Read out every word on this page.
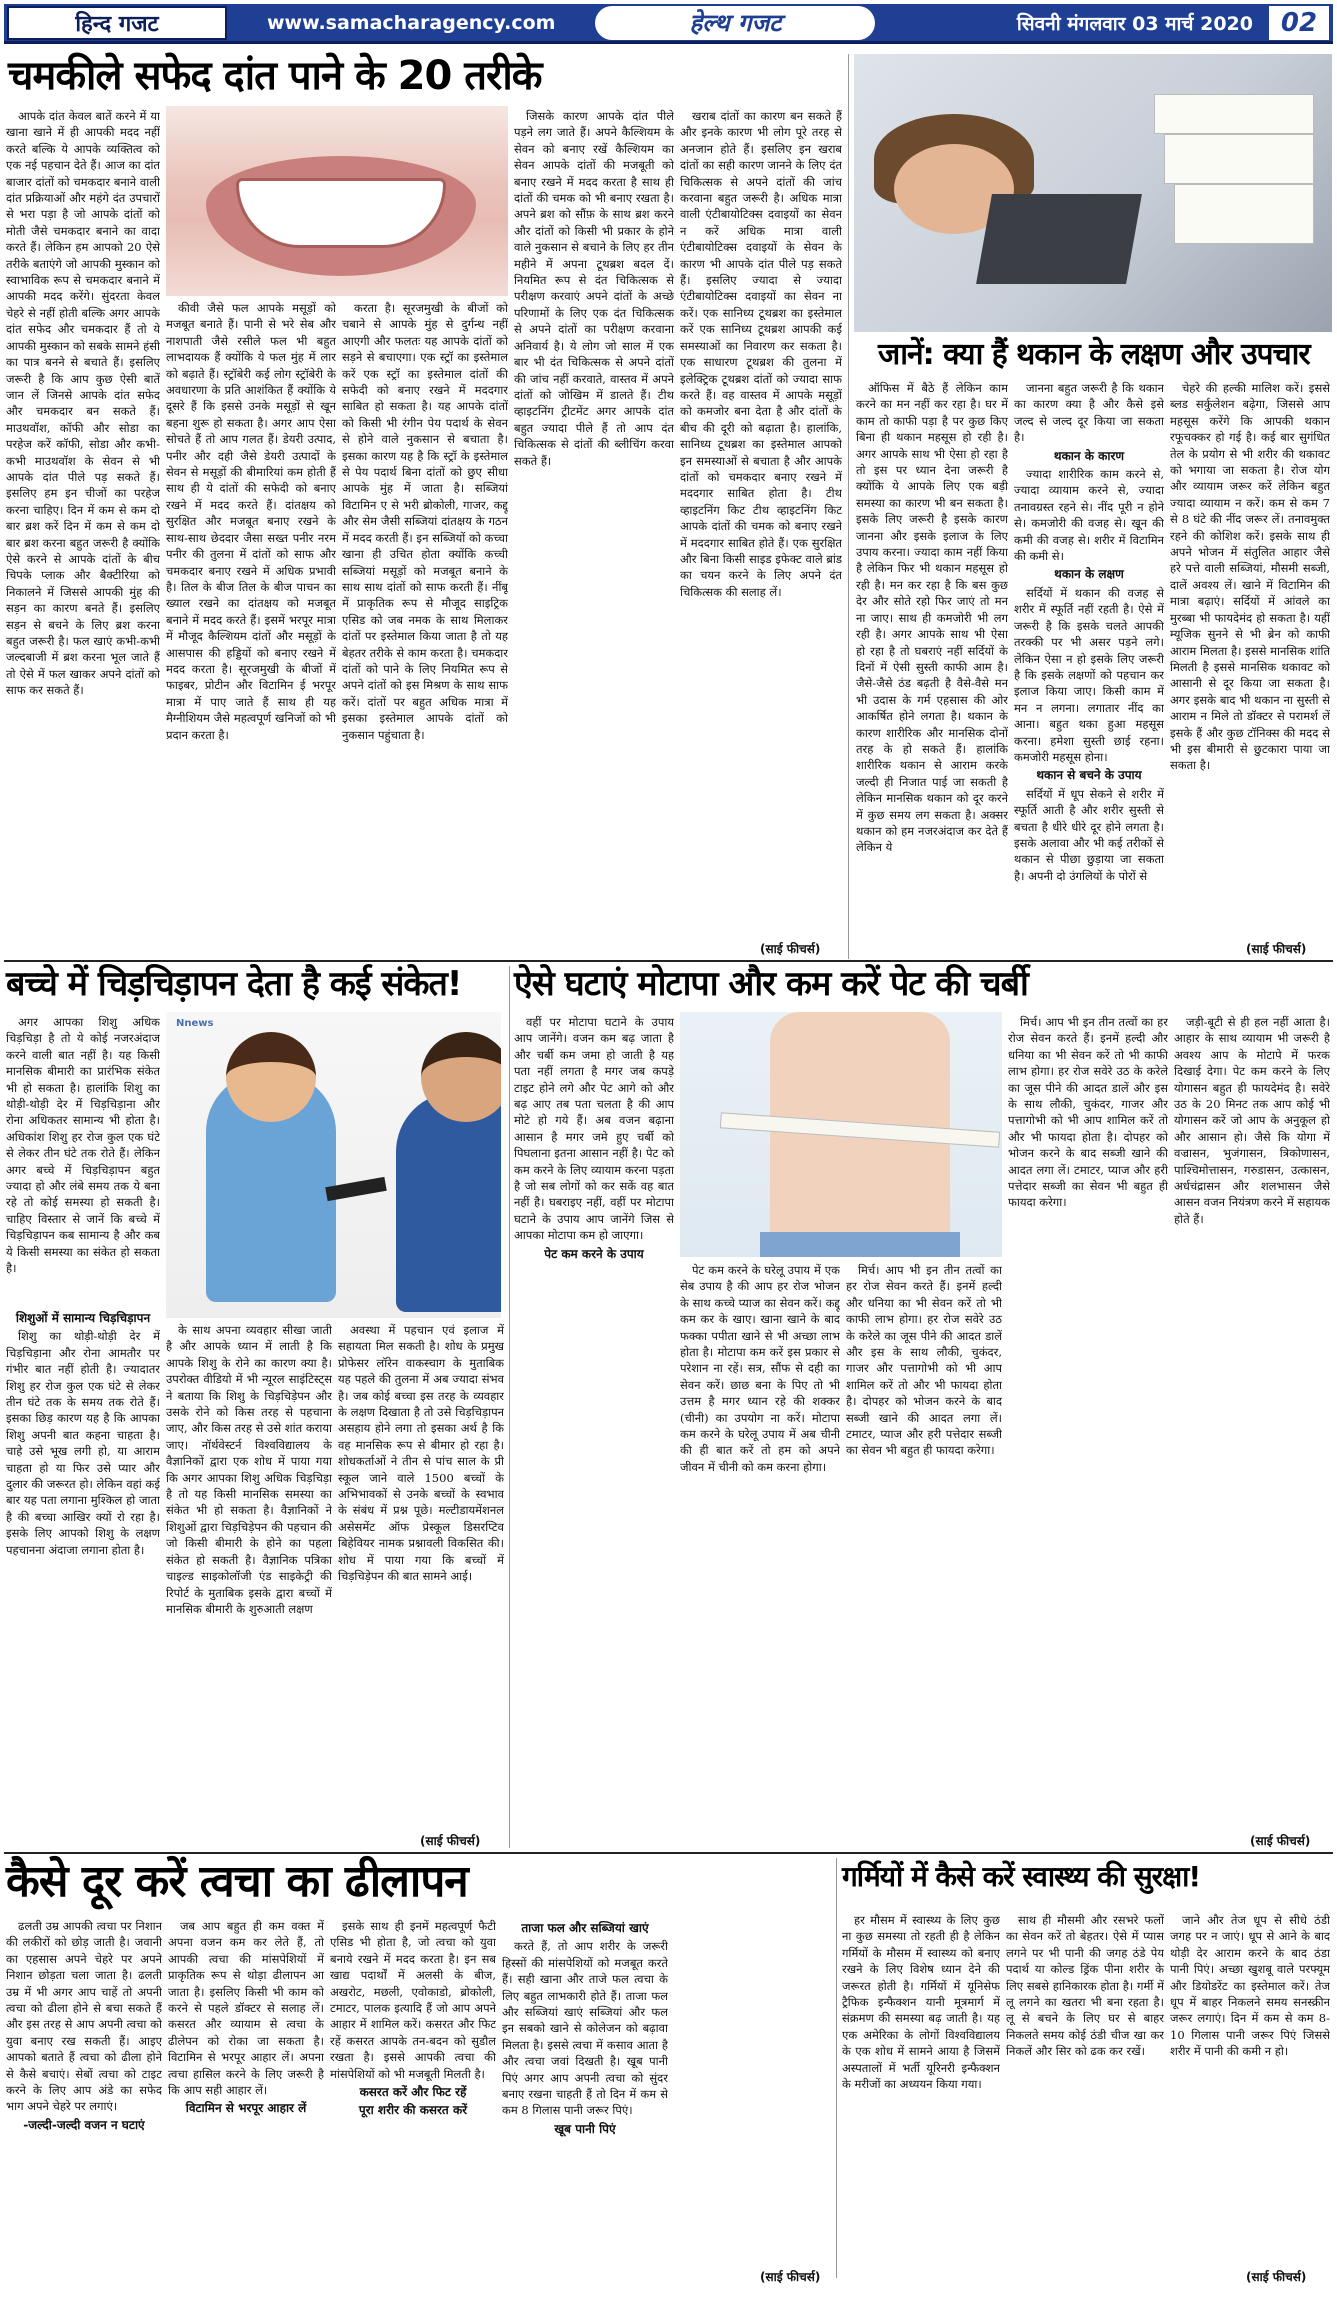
हिन्द गजट	www.samacharagency.com	हेल्थ गजट	सिवनी मंगलवार 03 मार्च 2020	02
चमकीले सफेद दांत पाने के 20 तरीके

आपके दांत केवल बातें करने में या खाना खाने में ही आपकी मदद नहीं करते बल्कि ये आपके व्यक्तित्व को एक नई पहचान देते हैं। आज का दांत बाजार दांतों को चमकदार बनाने वाली दांत प्रक्रियाओं और महंगे दंत उपचारों से भरा पड़ा है जो आपके दांतों को मोती जैसे चमकदार बनाने का वादा करते हैं। लेकिन हम आपको 20 ऐसे तरीके बताएंगे जो आपकी मुस्कान को स्वाभाविक रूप से चमकदार बनाने में आपकी मदद करेंगे। सुंदरता केवल चेहरे से नहीं होती बल्कि अगर आपके दांत सफेद और चमकदार हैं तो ये आपकी मुस्कान को सबके सामने हंसी का पात्र बनने से बचाते हैं। इसलिए जरूरी है कि आप कुछ ऐसी बातें जान लें जिनसे आपके दांत सफेद और चमकदार बन सकते हैं। माउथवॉश, कॉफी और सोडा का परहेज करें कॉफी, सोडा और कभी-कभी माउथवॉश के सेवन से भी आपके दांत पीले पड़ सकते हैं। इसलिए हम इन चीजों का परहेज करना चाहिए। दिन में कम से कम दो बार ब्रश करें दिन में कम से कम दो बार ब्रश करना बहुत जरूरी है क्योंकि ऐसे करने से आपके दांतों के बीच चिपके प्लाक और बैक्टीरिया को निकालने में जिससे आपकी मुंह की सड़न का कारण बनते हैं। इसलिए सड़न से बचने के लिए ब्रश करना बहुत जरूरी है। फल खाएं कभी-कभी जल्दबाजी में ब्रश करना भूल जाते हैं तो ऐसे में फल खाकर अपने दांतों को साफ कर सकते हैं।

कीवी जैसे फल आपके मसूड़ों को मजबूत बनाते हैं। पानी से भरे सेब और नाशपाती जैसे रसीले फल भी बहुत लाभदायक हैं क्योंकि ये फल मुंह में लार को बढ़ाते हैं। स्ट्रॉबेरी कई लोग स्ट्रॉबेरी के अवधारणा के प्रति आशंकित हैं क्योंकि ये दूसरे हैं कि इससे उनके मसूड़ों से खून बहना शुरू हो सकता है। अगर आप ऐसा सोचते हैं तो आप गलत हैं। डेयरी उत्पाद, पनीर और दही जैसे डेयरी उत्पादों के सेवन से मसूड़ों की बीमारियां कम होती हैं साथ ही ये दांतों की सफेदी को बनाए रखने में मदद करते हैं। दांतक्षय को सुरक्षित और मजबूत बनाए रखने के साथ-साथ छेददार जैसा सख्त पनीर नरम पनीर की तुलना में दांतों को साफ और चमकदार बनाए रखने में अधिक प्रभावी है। तिल के बीज तिल के बीज पाचन का ख्याल रखने का दांतक्षय को मजबूत बनाने में मदद करते हैं। इसमें भरपूर मात्रा में मौजूद कैल्शियम दांतों और मसूड़ों के आसपास की हड्डियों को बनाए रखने में मदद करता है। सूरजमुखी के बीजों में फाइबर, प्रोटीन और विटामिन ई भरपूर मात्रा में पाए जाते हैं साथ ही यह मैग्नीशियम जैसे महत्वपूर्ण खनिजों को भी प्रदान करता है।

करता है। सूरजमुखी के बीजों को चबाने से आपके मुंह से दुर्गन्ध नहीं आएगी और फलतः यह आपके दांतों को सड़ने से बचाएगा। एक स्ट्रॉ का इस्तेमाल करें एक स्ट्रॉ का इस्तेमाल दांतों की सफेदी को बनाए रखने में मददगार साबित हो सकता है। यह आपके दांतों को किसी भी रंगीन पेय पदार्थ के सेवन से होने वाले नुकसान से बचाता है। इसका कारण यह है कि स्ट्रॉ के इस्तेमाल से पेय पदार्थ बिना दांतों को छुए सीधा आपके मुंह में जाता है। सब्जियां विटामिन ए से भरी ब्रोकोली, गाजर, कद्दू और सेम जैसी सब्जियां दांतक्षय के गठन में मदद करती हैं। इन सब्जियों को कच्चा खाना ही उचित होता क्योंकि कच्ची सब्जियां मसूड़ों को मजबूत बनाने के साथ साथ दांतों को साफ करती हैं। नींबू में प्राकृतिक रूप से मौजूद साइट्रिक एसिड को जब नमक के साथ मिलाकर दांतों पर इस्तेमाल किया जाता है तो यह बेहतर तरीके से काम करता है। चमकदार दांतों को पाने के लिए नियमित रूप से अपने दांतों को इस मिश्रण के साथ साफ करें। दांतों पर बहुत अधिक मात्रा में इसका इस्तेमाल आपके दांतों को नुकसान पहुंचाता है।

जिसके कारण आपके दांत पीले पड़ने लग जाते हैं। अपने कैल्शियम के सेवन को बनाए रखें कैल्शियम का सेवन आपके दांतों की मजबूती को बनाए रखने में मदद करता है साथ ही दांतों की चमक को भी बनाए रखता है। अपने ब्रश को सौंफ़ के साथ ब्रश करने और दांतों को किसी भी प्रकार के होने वाले नुकसान से बचाने के लिए हर तीन महीने में अपना टूथब्रश बदल दें। नियमित रूप से दंत चिकित्सक से परीक्षण करवाएं अपने दांतों के अच्छे परिणामों के लिए एक दंत चिकित्सक से अपने दांतों का परीक्षण करवाना अनिवार्य है। ये लोग जो साल में एक बार भी दंत चिकित्सक से अपने दांतों की जांच नहीं करवाते, वास्तव में अपने दांतों को जोखिम में डालते हैं। टीथ व्हाइटनिंग ट्रीटमेंट अगर आपके दांत बहुत ज्यादा पीले हैं तो आप दंत चिकित्सक से दांतों की ब्लीचिंग करवा सकते हैं।

खराब दांतों का कारण बन सकते हैं और इनके कारण भी लोग पूरे तरह से अनजान होते हैं। इसलिए इन खराब दांतों का सही कारण जानने के लिए दंत चिकित्सक से अपने दांतों की जांच करवाना बहुत जरूरी है। अधिक मात्रा वाली एंटीबायोटिक्स दवाइयों का सेवन न करें अधिक मात्रा वाली एंटीबायोटिक्स दवाइयों के सेवन के कारण भी आपके दांत पीले पड़ सकते हैं। इसलिए ज्यादा से ज्यादा एंटीबायोटिक्स दवाइयों का सेवन ना करें। एक सानिध्य टूथब्रश का इस्तेमाल करें एक सानिध्य टूथब्रश आपकी कई समस्याओं का निवारण कर सकता है। एक साधारण टूथब्रश की तुलना में इलेक्ट्रिक टूथब्रश दांतों को ज्यादा साफ करते हैं। वह वास्तव में आपके मसूड़ों को कमजोर बना देता है और दांतों के बीच की दूरी को बढ़ाता है। हालांकि, सानिध्य टूथब्रश का इस्तेमाल आपको इन समस्याओं से बचाता है और आपके दांतों को चमकदार बनाए रखने में मददगार साबित होता है। टीथ व्हाइटनिंग किट टीथ व्हाइटनिंग किट आपके दांतों की चमक को बनाए रखने में मददगार साबित होते हैं। एक सुरक्षित और बिना किसी साइड इफेक्ट वाले ब्रांड का चयन करने के लिए अपने दंत चिकित्सक की सलाह लें।

(साई फीचर्स)
जानें: क्या हैं थकान के लक्षण और उपचार

ऑफिस में बैठे हैं लेकिन काम करने का मन नहीं कर रहा है। घर में काम तो काफी पड़ा है पर कुछ किए बिना ही थकान महसूस हो रही है। अगर आपके साथ भी ऐसा हो रहा है तो इस पर ध्यान देना जरूरी है क्योंकि ये आपके लिए एक बड़ी समस्या का कारण भी बन सकता है। इसके लिए जरूरी है इसके कारण जानना और इसके इलाज के लिए उपाय करना। ज्यादा काम नहीं किया है लेकिन फिर भी थकान महसूस हो रही है। मन कर रहा है कि बस कुछ देर और सोते रहो फिर जाएं तो मन ना जाए। साथ ही कमजोरी भी लग रही है। अगर आपके साथ भी ऐसा हो रहा है तो घबराएं नहीं सर्दियों के दिनों में ऐसी सुस्ती काफी आम है। जैसे-जैसे ठंड बढ़ती है वैसे-वैसे मन भी उदास के गर्म एहसास की ओर आकर्षित होने लगता है। थकान के कारण शारीरिक और मानसिक दोनों तरह के हो सकते हैं। हालांकि शारीरिक थकान से आराम करके जल्दी ही निजात पाई जा सकती है लेकिन मानसिक थकान को दूर करने में कुछ समय लग सकता है। अक्सर थकान को हम नजरअंदाज कर देते हैं लेकिन ये

जानना बहुत जरूरी है कि थकान का कारण क्या है और कैसे इसे जल्द से जल्द दूर किया जा सकता है।

थकान के कारण

ज्यादा शारीरिक काम करने से, ज्यादा व्यायाम करने से, ज्यादा तनावग्रस्त रहने से। नींद पूरी न होने से। कमजोरी की वजह से। खून की कमी की वजह से। शरीर में विटामिन की कमी से।

थकान के लक्षण

सर्दियों में थकान की वजह से शरीर में स्फूर्ति नहीं रहती है। ऐसे में जरूरी है कि इसके चलते आपकी तरक्की पर भी असर पड़ने लगे। लेकिन ऐसा न हो इसके लिए जरूरी है कि इसके लक्षणों को पहचान कर इलाज किया जाए। किसी काम में मन न लगना। लगातार नींद का आना। बहुत थका हुआ महसूस करना। हमेशा सुस्ती छाई रहना। कमजोरी महसूस होना।

थकान से बचने के उपाय

सर्दियों में धूप सेकने से शरीर में स्फूर्ति आती है और शरीर सुस्ती से बचता है धीरे धीरे दूर होने लगता है। इसके अलावा और भी कई तरीकों से थकान से पीछा छुड़ाया जा सकता है। अपनी दो उंगलियों के पोरों से

चेहरे की हल्की मालिश करें। इससे ब्लड सर्कुलेशन बढ़ेगा, जिससे आप महसूस करेंगे कि आपकी थकान रफूचक्कर हो गई है। कई बार सुगंधित तेल के प्रयोग से भी शरीर की थकावट को भगाया जा सकता है। रोज योग और व्यायाम जरूर करें लेकिन बहुत ज्यादा व्यायाम न करें। कम से कम 7 से 8 घंटे की नींद जरूर लें। तनावमुक्त रहने की कोशिश करें। इसके साथ ही अपने भोजन में संतुलित आहार जैसे हरे पत्ते वाली सब्जियां, मौसमी सब्जी, दालें अवश्य लें। खाने में विटामिन की मात्रा बढ़ाएं। सर्दियों में आंवले का मुरब्बा भी फायदेमंद हो सकता है। यहीं म्यूजिक सुनने से भी ब्रेन को काफी आराम मिलता है। इससे मानसिक शांति मिलती है इससे मानसिक थकावट को आसानी से दूर किया जा सकता है। अगर इसके बाद भी थकान ना सुस्ती से आराम न मिले तो डॉक्टर से परामर्श लें इसके हैं और कुछ टॉनिक्स की मदद से भी इस बीमारी से छुटकारा पाया जा सकता है।

(साई फीचर्स)
बच्चे में चिड़चिड़ापन देता है कई संकेत!
Nnews

अगर आपका शिशु अधिक चिड़चिड़ा है तो ये कोई नजरअंदाज करने वाली बात नहीं है। यह किसी मानसिक बीमारी का प्रारंभिक संकेत भी हो सकता है। हालांकि शिशु का थोड़ी-थोड़ी देर में चिड़चिड़ाना और रोना अधिकतर सामान्य भी होता है। अधिकांश शिशु हर रोज कुल एक घंटे से लेकर तीन घंटे तक रोते हैं। लेकिन अगर बच्चे में चिड़चिड़ापन बहुत ज्यादा हो और लंबे समय तक ये बना रहे तो कोई समस्या हो सकती है। चाहिए विस्तार से जानें कि बच्चे में चिड़चिड़ापन कब सामान्य है और कब ये किसी समस्या का संकेत हो सकता है।

शिशुओं में सामान्य चिड़चिड़ापन

शिशु का थोड़ी-थोड़ी देर में चिड़चिड़ाना और रोना आमतौर पर गंभीर बात नहीं होती है। ज्यादातर शिशु हर रोज कुल एक घंटे से लेकर तीन घंटे तक के समय तक रोते हैं। इसका छिड़ कारण यह है कि आपका शिशु अपनी बात कहना चाहता है। चाहे उसे भूख लगी हो, या आराम चाहता हो या फिर उसे प्यार और दुलार की जरूरत हो। लेकिन वहां कई बार यह पता लगाना मुश्किल हो जाता है की बच्चा आखिर क्यों रो रहा है। इसके लिए आपको शिशु के लक्षण पहचानना अंदाजा लगाना होता है।

के साथ अपना व्यवहार सीखा जाती है और आपके ध्यान में लाती है कि आपके शिशु के रोने का कारण क्या है। उपरोक्त वीडियो में भी न्यूरल साइंटिस्ट्स ने बताया कि शिशु के चिड़चिड़ेपन और उसके रोने को किस तरह से पहचाना जाए, और किस तरह से उसे शांत कराया जाए। नॉर्थवेस्टर्न विश्वविद्यालय के वैज्ञानिकों द्वारा एक शोध में पाया गया कि अगर आपका शिशु अधिक चिड़चिड़ा है तो यह किसी मानसिक समस्या का संकेत भी हो सकता है। वैज्ञानिकों ने शिशुओं द्वारा चिड़चिड़ेपन की पहचान की जो किसी बीमारी के होने का पहला संकेत हो सकती है। वैज्ञानिक पत्रिका चाइल्ड साइकोलॉजी एंड साइकेट्री की रिपोर्ट के मुताबिक इसके द्वारा बच्चों में मानसिक बीमारी के शुरुआती लक्षण

अवस्था में पहचान एवं इलाज में सहायता मिल सकती है। शोध के प्रमुख प्रोफेसर लॉरेन वाकस्चाग के मुताबिक यह पहले की तुलना में अब ज्यादा संभव है। जब कोई बच्चा इस तरह के व्यवहार के लक्षण दिखाता है तो उसे चिड़चिड़ापन असहाय होने लगा तो इसका अर्थ है कि वह मानसिक रूप से बीमार हो रहा है। शोधकर्ताओं ने तीन से पांच साल के प्री स्कूल जाने वाले 1500 बच्चों के अभिभावकों से उनके बच्चों के स्वभाव के संबंध में प्रश्न पूछे। मल्टीडायमेंशनल असेसमेंट ऑफ प्रेस्कूल डिसरप्टिव बिहेवियर नामक प्रश्नावली विकसित की। शोध में पाया गया कि बच्चों में चिड़चिड़ेपन की बात सामने आई।

(साई फीचर्स)
ऐसे घटाएं मोटापा और कम करें पेट की चर्बी

वहीं पर मोटापा घटाने के उपाय आप जानेंगे। वजन कम बढ़ जाता है और चर्बी कम जमा हो जाती है यह पता नहीं लगता है मगर जब कपड़े टाइट होने लगे और पेट आगे को और बढ़ आए तब पता चलता है की आप मोटे हो गये हैं। अब वजन बढ़ाना आसान है मगर जमे हुए चर्बी को पिघलाना इतना आसान नहीं है। पेट को कम करने के लिए व्यायाम करना पड़ता है जो सब लोगों को कर सकें वह बात नहीं है। घबराइए नहीं, वहीं पर मोटापा घटाने के उपाय आप जानेंगे जिस से आपका मोटापा कम हो जाएगा।

पेट कम करने के उपाय

पेट कम करने के घरेलू उपाय में एक सेब उपाय है की आप हर रोज भोजन के साथ कच्चे प्याज का सेवन करें। कद्दू कम कर के खाए। खाना खाने के बाद फक्का पपीता खाने से भी अच्छा लाभ होता है। मोटापा कम करें इस प्रकार से परेशान ना रहें। सत्र, सौंफ से दही का सेवन करें। छाछ बना के पिए तो भी उत्तम है मगर ध्यान रहे की शक्कर (चीनी) का उपयोग ना करें। मोटापा कम करने के घरेलू उपाय में अब चीनी की ही बात करें तो हम को अपने जीवन में चीनी को कम करना होगा।

मिर्च। आप भी इन तीन तत्वों का हर रोज सेवन करते हैं। इनमें हल्दी और धनिया का भी सेवन करें तो भी काफी लाभ होगा। हर रोज सवेरे उठ के करेले का जूस पीने की आदत डालें और इस के साथ लौकी, चुकंदर, गाजर और पत्तागोभी को भी आप शामिल करें तो और भी फायदा होता है। दोपहर को भोजन करने के बाद सब्जी खाने की आदत लगा लें। टमाटर, प्याज और हरी पत्तेदार सब्जी का सेवन भी बहुत ही फायदा करेगा।

मिर्च। आप भी इन तीन तत्वों का हर रोज सेवन करते हैं। इनमें हल्दी और धनिया का भी सेवन करें तो भी काफी लाभ होगा। हर रोज सवेरे उठ के करेले का जूस पीने की आदत डालें और इस के साथ लौकी, चुकंदर, गाजर और पत्तागोभी को भी आप शामिल करें तो और भी फायदा होता है। दोपहर को भोजन करने के बाद सब्जी खाने की आदत लगा लें। टमाटर, प्याज और हरी पत्तेदार सब्जी का सेवन भी बहुत ही फायदा करेगा।

जड़ी-बूटी से ही हल नहीं आता है। आहार के साथ व्यायाम भी जरूरी है अवश्य आप के मोटापे में फरक दिखाई देगा। पेट कम करने के लिए योगासन बहुत ही फायदेमंद है। सवेरे उठ के 20 मिनट तक आप कोई भी योगासन करें जो आप के अनुकूल हो और आसान हो। जैसे कि योगा में वज्रासन, भुजंगासन, त्रिकोणासन, पाश्चिमोत्तासन, गरुडासन, उत्कासन, अर्धचंद्रासन और शलभासन जैसे आसन वजन नियंत्रण करने में सहायक होते हैं।

(साई फीचर्स)
कैसे दूर करें त्वचा का ढीलापन

ढलती उम्र आपकी त्वचा पर निशान की लकीरों को छोड़ जाती है। जवानी का एहसास अपने चेहरे पर अपने निशान छोड़ता चला जाता है। ढलती उम्र में भी अगर आप चाहें तो अपनी त्वचा को ढीला होने से बचा सकते हैं और इस तरह से आप अपनी त्वचा को युवा बनाए रख सकती हैं। आइए आपको बताते हैं त्वचा को ढीला होने से कैसे बचाएं। सेबों त्वचा को टाइट करने के लिए आप अंडे का सफेद भाग अपने चेहरे पर लगाएं।

-जल्दी-जल्दी वजन न घटाएं

जब आप बहुत ही कम वक्त में अपना वजन कम कर लेते हैं, तो आपकी त्वचा की मांसपेशियों में प्राकृतिक रूप से थोड़ा ढीलापन आ जाता है। इसलिए किसी भी काम को करने से पहले डॉक्टर से सलाह लें। कसरत और व्यायाम से त्वचा के ढीलेपन को रोका जा सकता है। विटामिन से भरपूर आहार लें। अपना त्वचा हासिल करने के लिए जरूरी है कि आप सही आहार लें।

विटामिन से भरपूर आहार लें

इसके साथ ही इनमें महत्वपूर्ण फैटी एसिड भी होता है, जो त्वचा को युवा बनाये रखने में मदद करता है। इन सब खाद्य पदार्थों में अलसी के बीज, अखरोट, मछली, एवोकाडो, ब्रोकोली, टमाटर, पालक इत्यादि हैं जो आप अपने आहार में शामिल करें। कसरत और फिट रहें कसरत आपके तन-बदन को सुडौल रखता है। इससे आपकी त्वचा की मांसपेशियों को भी मजबूती मिलती है।

कसरत करें और फिट रहें

पूरा शरीर की कसरत करें

ताजा फल और सब्जियां खाएं

करते हैं, तो आप शरीर के जरूरी हिस्सों की मांसपेशियों को मजबूत करते हैं। सही खाना और ताजे फल त्वचा के लिए बहुत लाभकारी होते हैं। ताजा फल और सब्जियां खाएं सब्जियां और फल इन सबको खाने से कोलेजन को बढ़ावा मिलता है। इससे त्वचा में कसाव आता है और त्वचा जवां दिखती है। खूब पानी पिएं अगर आप अपनी त्वचा को सुंदर बनाए रखना चाहती हैं तो दिन में कम से कम 8 गिलास पानी जरूर पिएं।

खूब पानी पिएं

(साई फीचर्स)
गर्मियों में कैसे करें स्वास्थ्य की सुरक्षा!

हर मौसम में स्वास्थ्य के लिए कुछ ना कुछ समस्या तो रहती ही है लेकिन गर्मियों के मौसम में स्वास्थ्य को बनाए रखने के लिए विशेष ध्यान देने की जरूरत होती है। गर्मियों में यूनिसेफ ट्रैफिक इन्फैक्शन यानी मूत्रमार्ग में संक्रमण की समस्या बढ़ जाती है। यह एक अमेरिका के लोगों विश्वविद्यालय के एक शोध में सामने आया है जिसमें अस्पतालों में भर्ती यूरिनरी इन्फैक्शन के मरीजों का अध्ययन किया गया।

साथ ही मौसमी और रसभरे फलों का सेवन करें तो बेहतर। ऐसे में प्यास लगने पर भी पानी की जगह ठंडे पेय पदार्थ या कोल्ड ड्रिंक पीना शरीर के लिए सबसे हानिकारक होता है। गर्मी में लू लगने का खतरा भी बना रहता है। लू से बचने के लिए घर से बाहर निकलते समय कोई ठंडी चीज खा कर निकलें और सिर को ढक कर रखें।

जाने और तेज धूप से सीधे ठंडी जगह पर न जाएं। धूप से आने के बाद थोड़ी देर आराम करने के बाद ठंडा पानी पिएं। अच्छा खुशबू वाले परफ्यूम और डियोडरेंट का इस्तेमाल करें। तेज धूप में बाहर निकलने समय सनस्क्रीन जरूर लगाएं। दिन में कम से कम 8-10 गिलास पानी जरूर पिएं जिससे शरीर में पानी की कमी न हो।

(साई फीचर्स)
